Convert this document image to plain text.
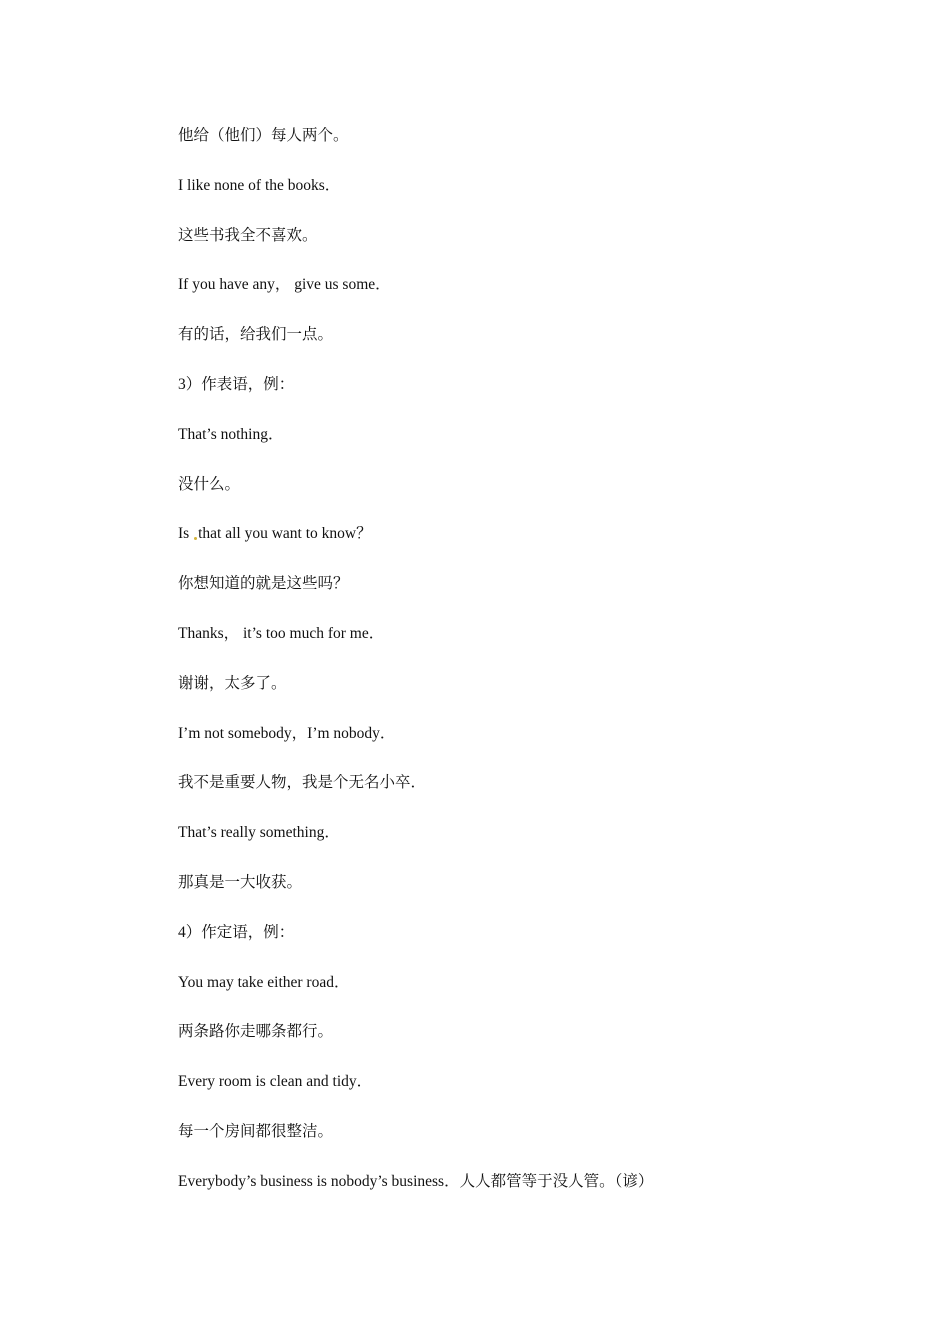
他给（他们）每人两个。
I like none of the books．
这些书我全不喜欢。
If you have any， give us some．
有的话，给我们一点。
3）作表语，例：
That’s nothing．
没什么。
Is that all you want to know？
你想知道的就是这些吗？
Thanks， it’s too much for me．
谢谢，太多了。
I’m not somebody，I’m nobody．
我不是重要人物，我是个无名小卒．
That’s really something．
那真是一大收获。
4）作定语，例：
You may take either road．
两条路你走哪条都行。
Every room is clean and tidy．
每一个房间都很整洁。
Everybody’s business is nobody’s business．人人都管等于没人管。（谚）
